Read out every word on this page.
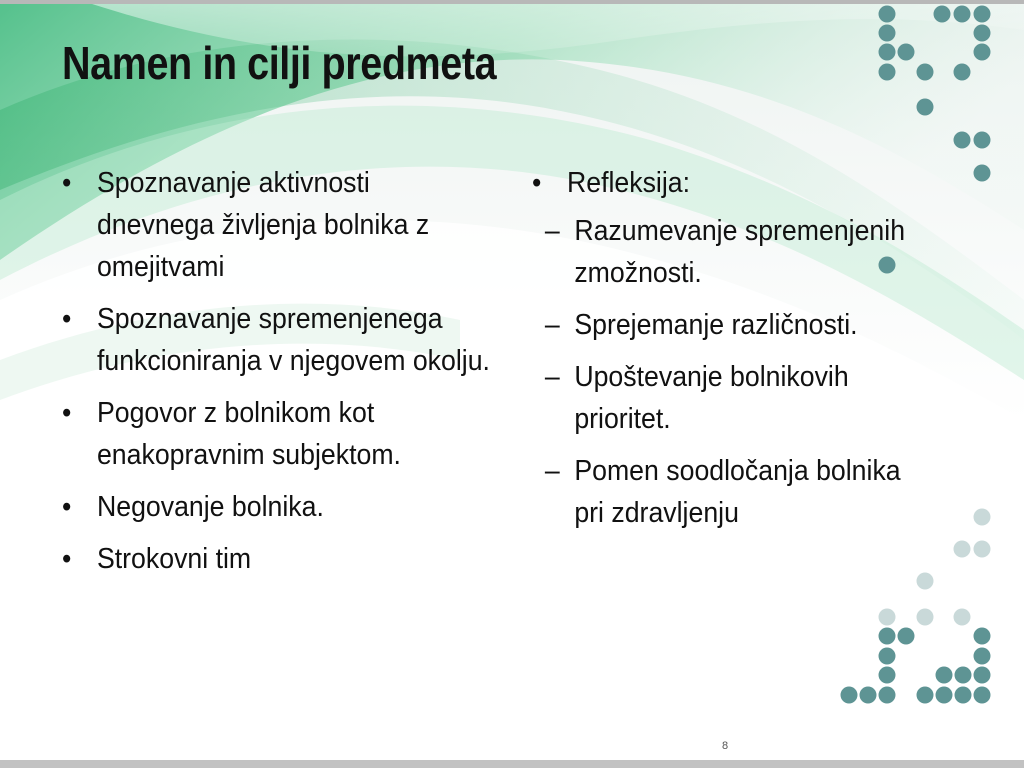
Namen in cilji predmeta
• Spoznavanje aktivnosti dnevnega življenja bolnika z omejitvami
• Spoznavanje spremenjenega funkcioniranja v njegovem okolju.
• Pogovor z bolnikom kot enakopravnim subjektom.
• Negovanje bolnika.
• Strokovni tim
• Refleksija:
– Razumevanje spremenjenih zmožnosti.
– Sprejemanje različnosti.
– Upoštevanje bolnikovih prioritet.
– Pomen soodločanja bolnika pri zdravljenju
8
